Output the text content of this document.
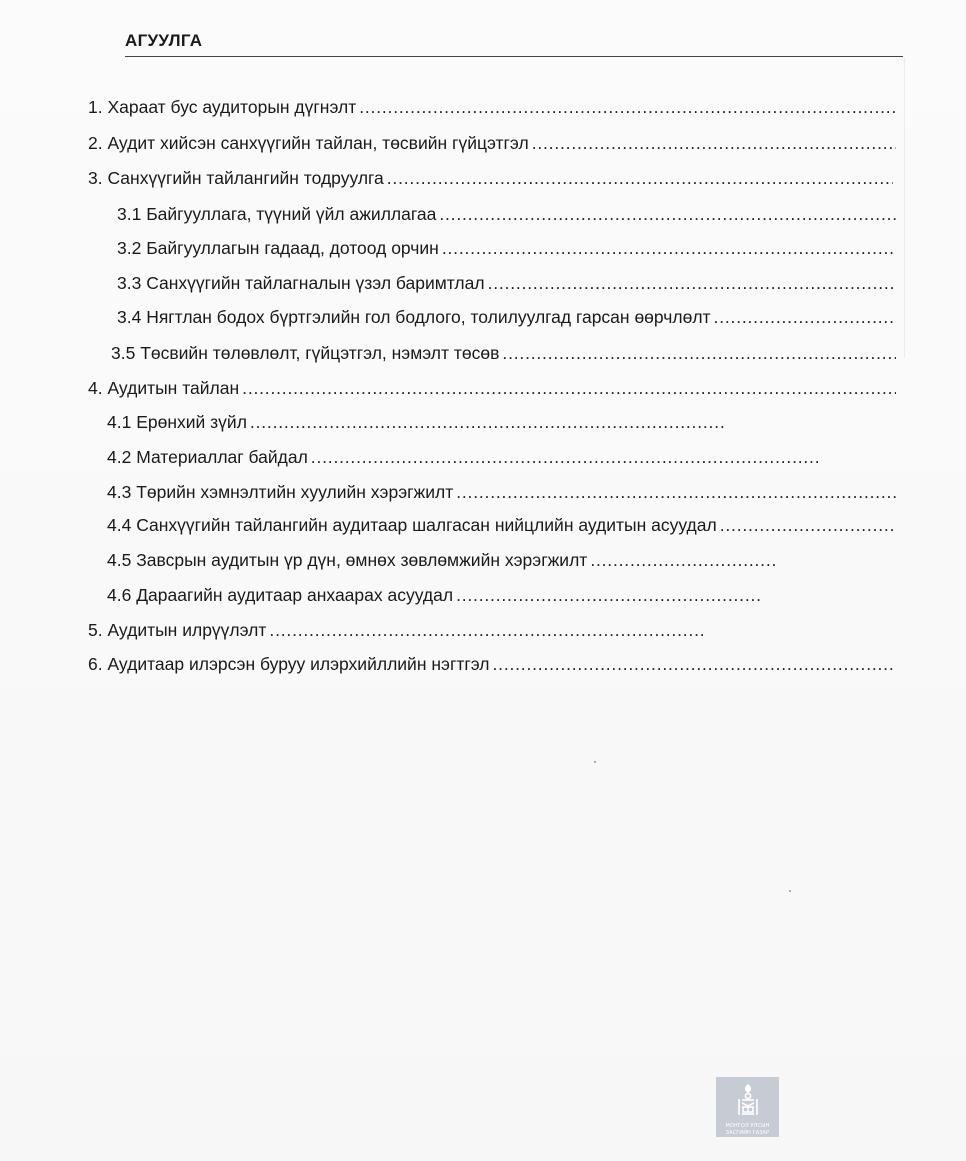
АГУУЛГА
1. Хараат бус аудиторын дүгнэлт
.....
2. Аудит хийсэн санхүүгийн тайлан, төсвийн гүйцэтгэл
.....
3. Санхүүгийн тайлангийн тодруулга
.....
3.1 Байгууллага, түүний үйл ажиллагаа
.....
3.2 Байгууллагын гадаад, дотоод орчин
.....
3.3 Санхүүгийн тайлагналын үзэл баримтлал
.....
3.4 Нягтлан бодох бүртгэлийн гол бодлого, толилуулгад гарсан өөрчлөлт
.....
3.5 Төсвийн төлөвлөлт, гүйцэтгэл, нэмэлт төсөв
.....
4. Аудитын тайлан
.....
4.1 Ерөнхий зүйл
.....
4.2 Материаллаг байдал
.....
4.3 Төрийн хэмнэлтийн хуулийн хэрэгжилт
.....
4.4 Санхүүгийн тайлангийн аудитаар шалгасан нийцлийн аудитын асуудал
.....
4.5 Завсрын аудитын үр дүн, өмнөх зөвлөмжийн хэрэгжилт
.....
4.6 Дараагийн аудитаар анхаарах асуудал
.....
5. Аудитын илрүүлэлт
.....
6. Аудитаар илэрсэн буруу илэрхийллийн нэгтгэл
.....
МОНГОЛ УЛСЫН
ЗАСГИЙН ГАЗАР
